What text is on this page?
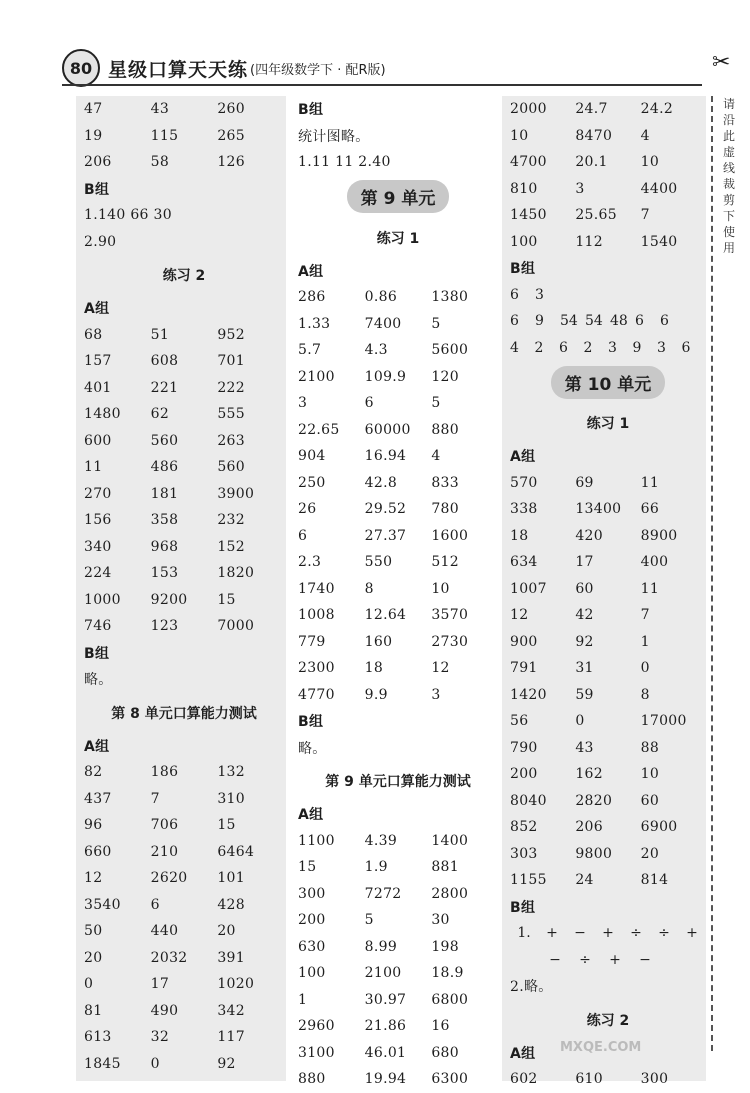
80 星级口算天天练 (四年级数学下 · 配R版)	✂
请沿此虚线裁剪下使用
47	43	260
19	115	265
206	58	126
B组
1.140 66 30
2.90
练习 2
A组
68	51	952
157	608	701
401	221	222
1480	62	555
600	560	263
11	486	560
270	181	3900
156	358	232
340	968	152
224	153	1820
1000	9200	15
746	123	7000
B组
略。
第 8 单元口算能力测试
A组
82	186	132
437	7	310
96	706	15
660	210	6464
12	2620	101
3540	6	428
50	440	20
20	2032	391
0	17	1020
81	490	342
613	32	117
1845	0	92
B组
统计图略。
1.11 11 2.40
第 9 单元
练习 1
A组
286	0.86	1380
1.33	7400	5
5.7	4.3	5600
2100	109.9	120
3	6	5
22.65	60000	880
904	16.94	4
250	42.8	833
26	29.52	780
6	27.37	1600
2.3	550	512
1740	8	10
1008	12.64	3570
779	160	2730
2300	18	12
4770	9.9	3
B组
略。
第 9 单元口算能力测试
A组
1100	4.39	1400
15	1.9	881
300	7272	2800
200	5	30
630	8.99	198
100	2100	18.9
1	30.97	6800
2960	21.86	16
3100	46.01	680
880	19.94	6300
2000	24.7	24.2
10	8470	4
4700	20.1	10
810	3	4400
1450	25.65	7
100	112	1540
B组
6	3
6	9	54 54 48 6	6
4	2	6	2	3	9	3	6
第 10 单元
练习 1
A组
570	69	11
338	13400	66
18	420	8900
634	17	400
1007	60	11
12	42	7
900	92	1
791	31	0
1420	59	8
56	0	17000
790	43	88
200	162	10
8040	2820	60
852	206	6900
303	9800	20
1155	24	814
B组
1.	+	−	+	÷	÷	+
−	÷	+	−
2.略。
练习 2
A组
602	610	300
MXQE.COM
